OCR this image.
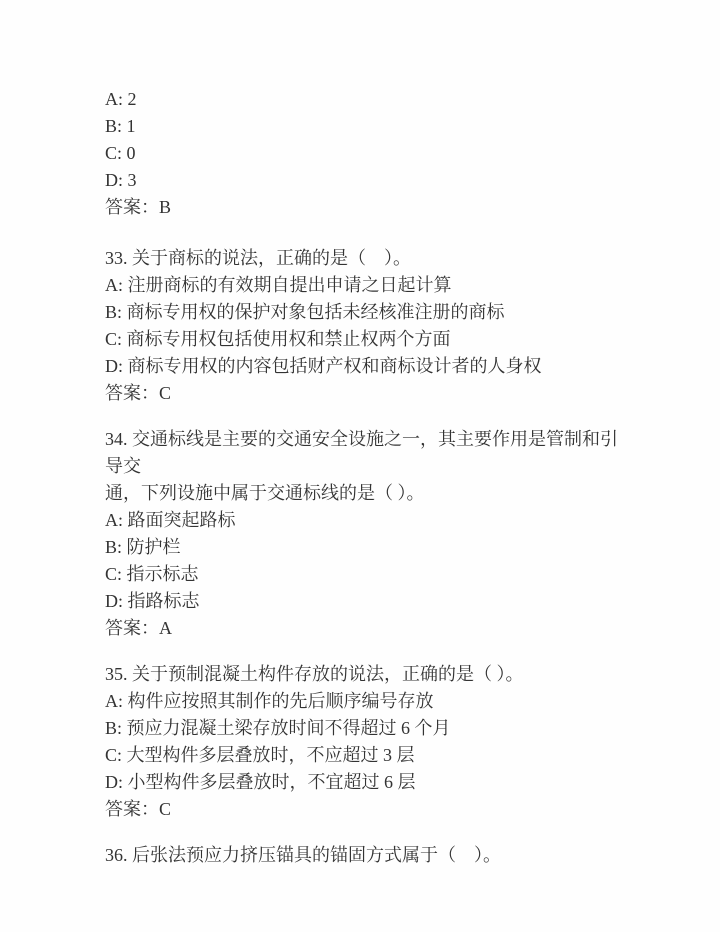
A: 2
B: 1
C: 0
D: 3
答案：B
33. 关于商标的说法，正确的是（　）。
A: 注册商标的有效期自提出申请之日起计算
B: 商标专用权的保护对象包括未经核准注册的商标
C: 商标专用权包括使用权和禁止权两个方面
D: 商标专用权的内容包括财产权和商标设计者的人身权
答案：C
34. 交通标线是主要的交通安全设施之一，其主要作用是管制和引导交
通，下列设施中属于交通标线的是（ ）。
A: 路面突起路标
B: 防护栏
C: 指示标志
D: 指路标志
答案：A
35. 关于预制混凝土构件存放的说法，正确的是（ ）。
A: 构件应按照其制作的先后顺序编号存放
B: 预应力混凝土梁存放时间不得超过 6 个月
C: 大型构件多层叠放时，不应超过 3 层
D: 小型构件多层叠放时，不宜超过 6 层
答案：C
36. 后张法预应力挤压锚具的锚固方式属于（　）。
